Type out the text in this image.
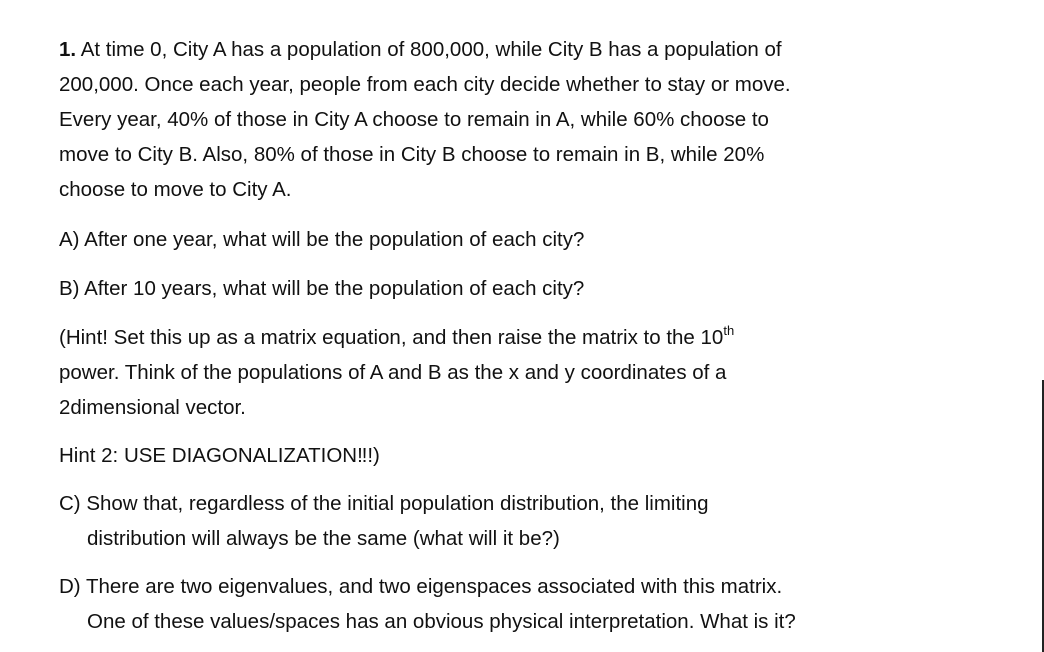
1. At time 0, City A has a population of 800,000, while City B has a population of
200,000. Once each year, people from each city decide whether to stay or move.
Every year, 40% of those in City A choose to remain in A, while 60% choose to
move to City B. Also, 80% of those in City B choose to remain in B, while 20%
choose to move to City A.
A) After one year, what will be the population of each city?
B) After 10 years, what will be the population of each city?
(Hint! Set this up as a matrix equation, and then raise the matrix to the 10th
power. Think of the populations of A and B as the x and y coordinates of a
2dimensional vector.
Hint 2: USE DIAGONALIZATION‼!)
C) Show that, regardless of the initial population distribution, the limiting
distribution will always be the same (what will it be?)
D) There are two eigenvalues, and two eigenspaces associated with this matrix.
One of these values/spaces has an obvious physical interpretation. What is it?
